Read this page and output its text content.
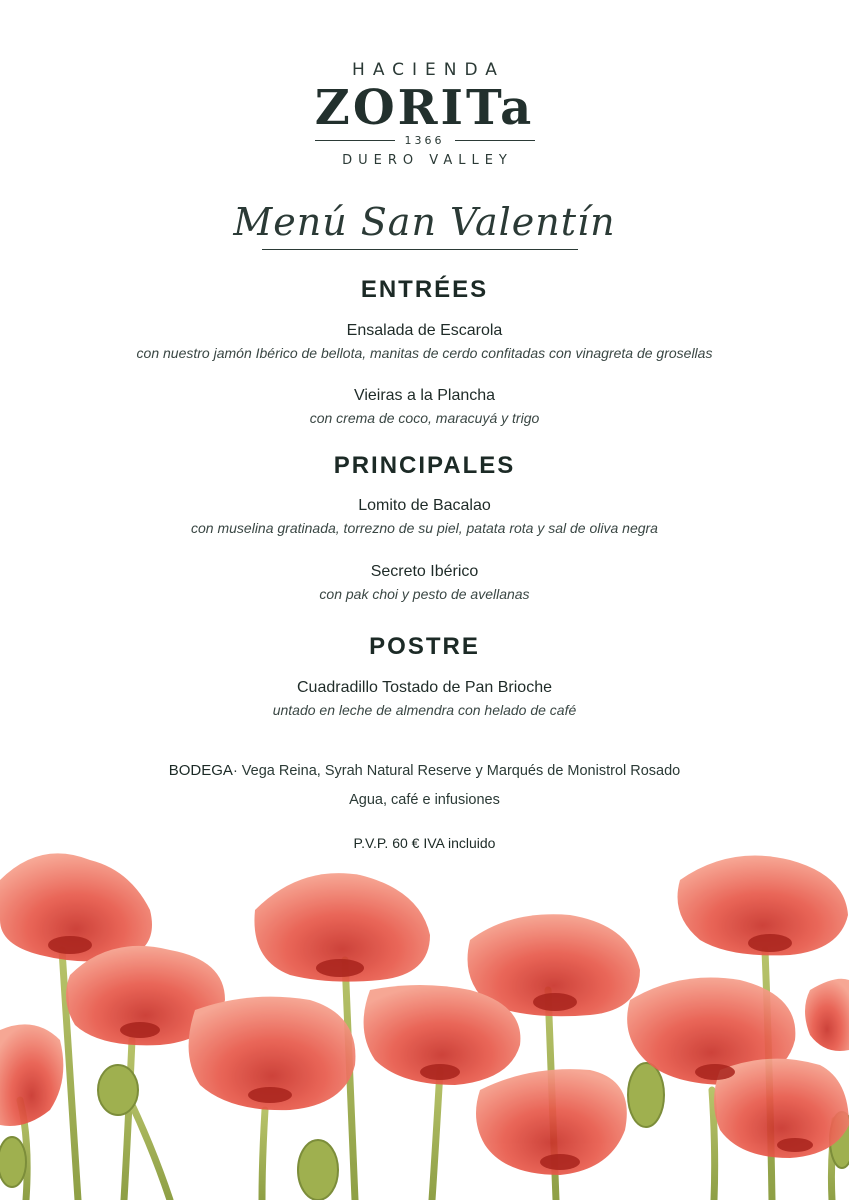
HACIENDA
ZORITa
1366
DUERO VALLEY
Menú San Valentín
ENTRÉES
Ensalada de Escarola
con nuestro jamón Ibérico de bellota, manitas de cerdo confitadas con vinagreta de grosellas
Vieiras a la Plancha
con crema de coco, maracuyá y trigo
PRINCIPALES
Lomito de Bacalao
con muselina gratinada, torrezno de su piel, patata rota y sal de oliva negra
Secreto Ibérico
con pak choi y pesto de avellanas
POSTRE
Cuadradillo Tostado de Pan Brioche
untado en leche de almendra con helado de café
BODEGA· Vega Reina, Syrah Natural Reserve y Marqués de Monistrol Rosado
Agua, café e infusiones
P.V.P. 60 € IVA incluido
